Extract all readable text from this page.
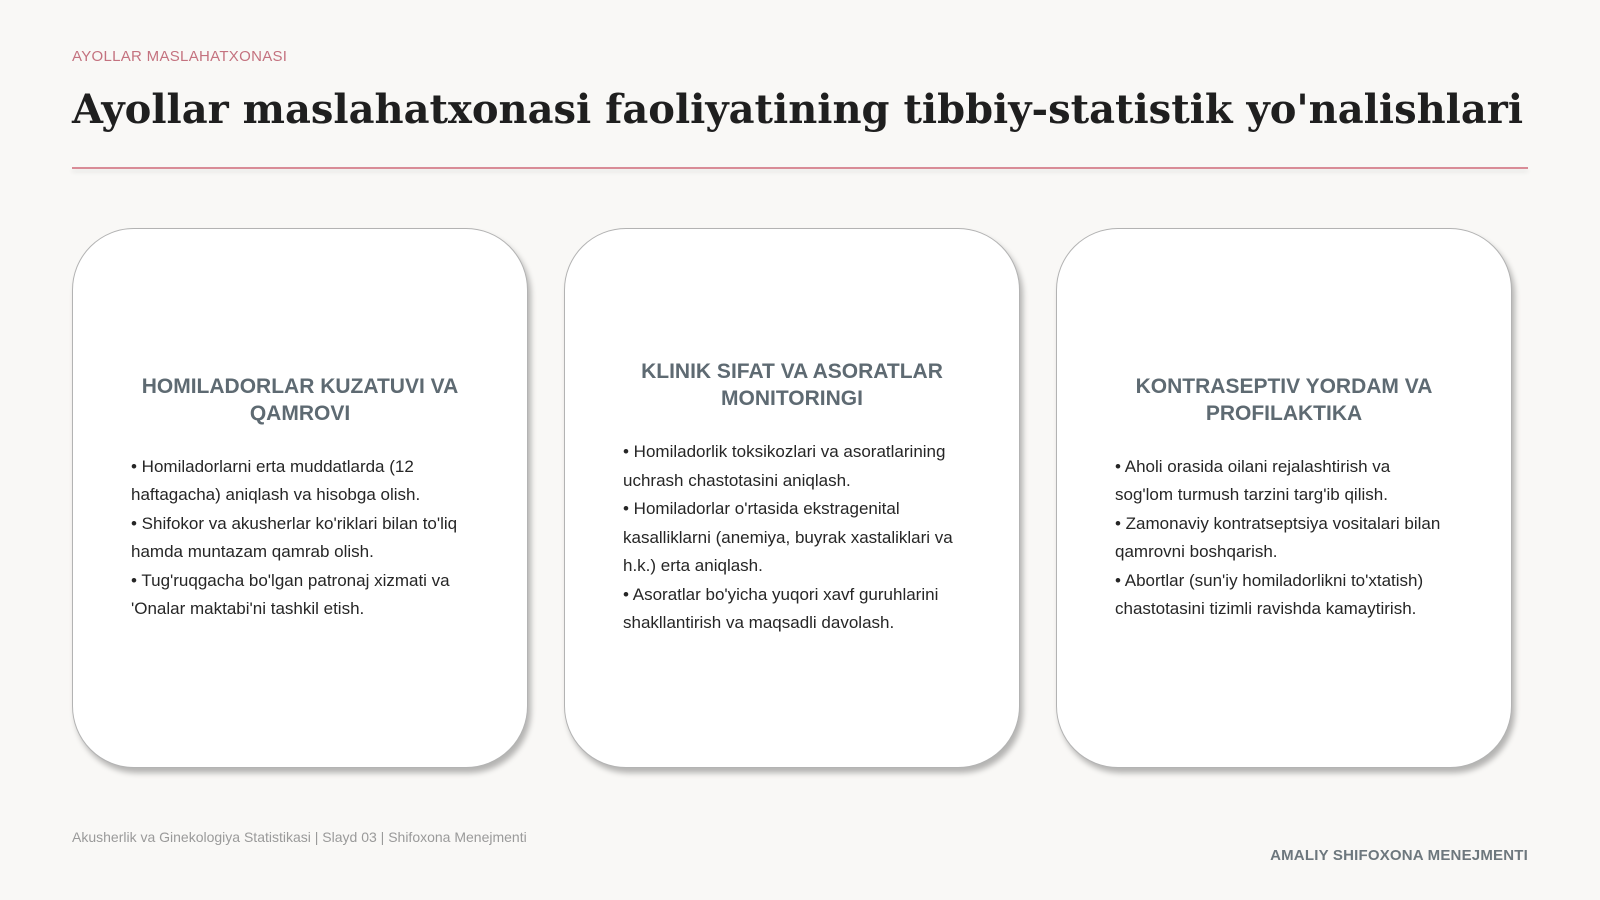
AYOLLAR MASLAHATXONASI
Ayollar maslahatxonasi faoliyatining tibbiy-statistik yo'nalishlari
HOMILADORLAR KUZATUVI VA QAMROVI
• Homiladorlarni erta muddatlarda (12 haftagacha) aniqlash va hisobga olish.
• Shifokor va akusherlar ko'riklari bilan to'liq hamda muntazam qamrab olish.
• Tug'ruqgacha bo'lgan patronaj xizmati va 'Onalar maktabi'ni tashkil etish.
KLINIK SIFAT VA ASORATLAR MONITORINGI
• Homiladorlik toksikozlari va asoratlarining uchrash chastotasini aniqlash.
• Homiladorlar o'rtasida ekstragenital kasalliklarni (anemiya, buyrak xastaliklari va h.k.) erta aniqlash.
• Asoratlar bo'yicha yuqori xavf guruhlarini shakllantirish va maqsadli davolash.
KONTRASEPTIV YORDAM VA PROFILAKTIKA
• Aholi orasida oilani rejalashtirish va sog'lom turmush tarzini targ'ib qilish.
• Zamonaviy kontratseptsiya vositalari bilan qamrovni boshqarish.
• Abortlar (sun'iy homiladorlikni to'xtatish) chastotasini tizimli ravishda kamaytirish.
Akusherlik va Ginekologiya Statistikasi | Slayd 03 | Shifoxona Menejmenti
AMALIY SHIFOXONA MENEJMENTI
